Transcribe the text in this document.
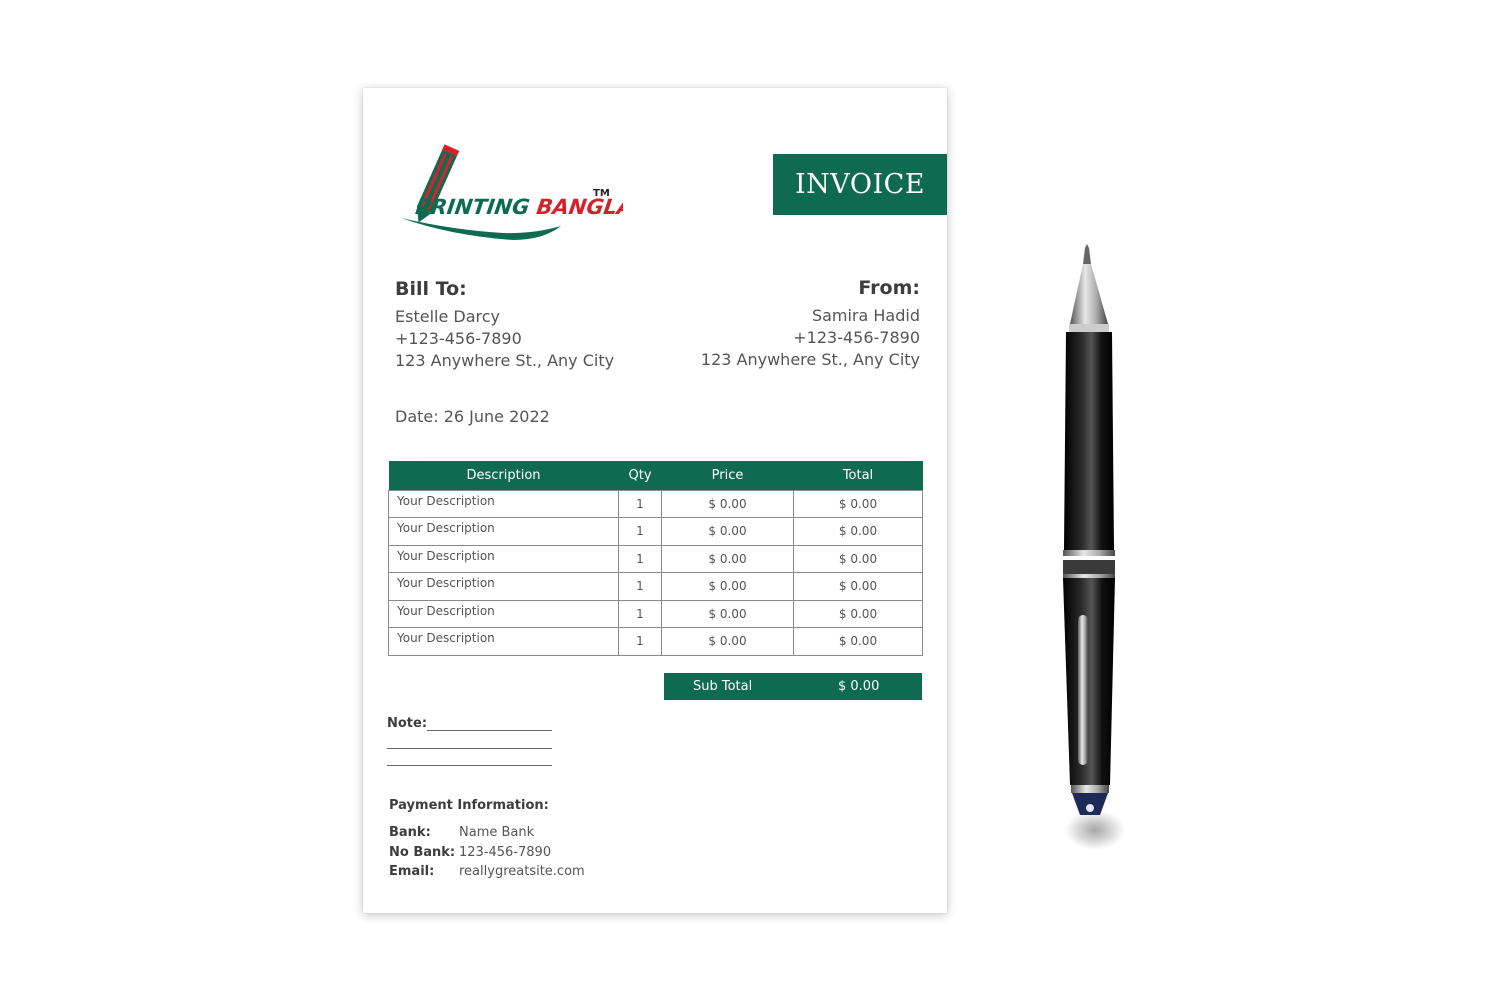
PRINTING BANGLA
TM	INVOICE
Bill To:
Estelle Darcy
+123-456-7890
123 Anywhere St., Any City
From:
Samira Hadid
+123-456-7890
123 Anywhere St., Any City
Date: 26 June 2022
Description	Qty	Price	Total
Your Description	1	$ 0.00	$ 0.00
Your Description	1	$ 0.00	$ 0.00
Your Description	1	$ 0.00	$ 0.00
Your Description	1	$ 0.00	$ 0.00
Your Description	1	$ 0.00	$ 0.00
Your Description	1	$ 0.00	$ 0.00
Sub Total	$ 0.00
Note:
Payment Information:
Bank:	Name Bank
No Bank: 123-456-7890
Email:	reallygreatsite.com
